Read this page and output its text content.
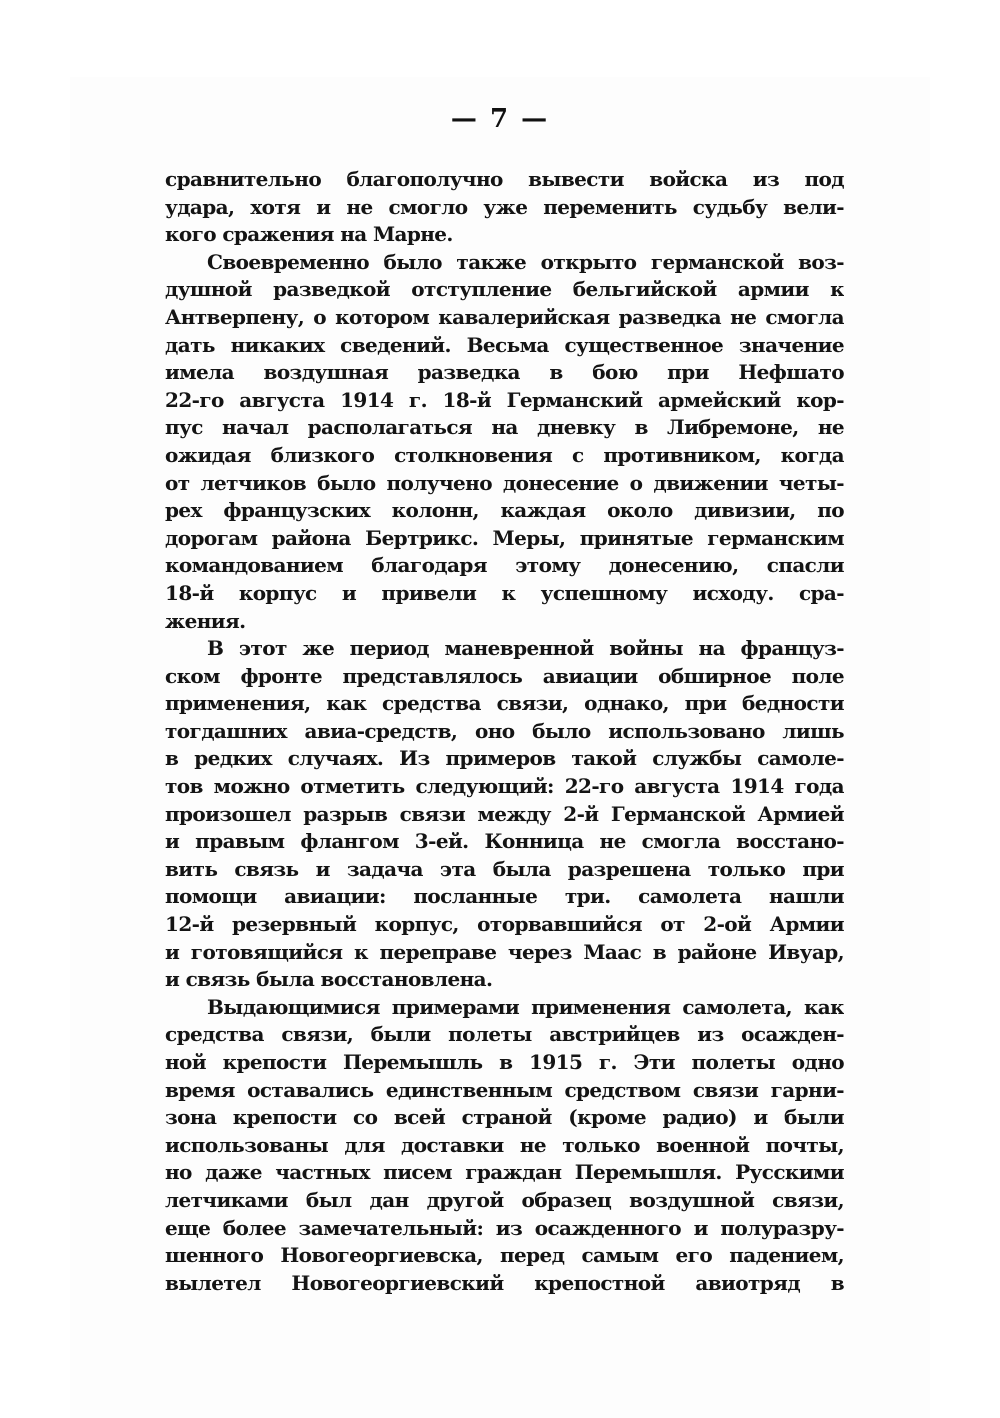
— 7 —
сравнительно благополучно вывести войска из под
удара, хотя и не смогло уже переменить судьбу вели-
кого сражения на Марне.
Своевременно было также открыто германской воз-
душной разведкой отступление бельгийской армии к
Антверпену, о котором кавалерийская разведка не смогла
дать никаких сведений. Весьма существенное значение
имела воздушная разведка в бою при Нефшато
22-го августа 1914 г. 18-й Германский армейский кор-
пус начал располагаться на дневку в Либремоне, не
ожидая близкого столкновения с противником, когда
от летчиков было получено донесение о движении четы-
рех французских колонн, каждая около дивизии, по
дорогам района Бертрикс. Меры, принятые германским
командованием благодаря этому донесению, спасли
18-й корпус и привели к успешному исходу. сра-
жения.
В этот же период маневренной войны на француз-
ском фронте представлялось авиации обширное поле
применения, как средства связи, однако, при бедности
тогдашних авиа-средств, оно было использовано лишь
в редких случаях. Из примеров такой службы самоле-
тов можно отметить следующий: 22-го августа 1914 года
произошел разрыв связи между 2-й Германской Армией
и правым флангом 3-ей. Конница не смогла восстано-
вить связь и задача эта была разрешена только при
помощи авиации: посланные три. самолета нашли
12-й резервный корпус, оторвавшийся от 2-ой Армии
и готовящийся к переправе через Маас в районе Ивуар,
и связь была восстановлена.
Выдающимися примерами применения самолета, как
средства связи, были полеты австрийцев из осажден-
ной крепости Перемышль в 1915 г. Эти полеты одно
время оставались единственным средством связи гарни-
зона крепости со всей страной (кроме радио) и были
использованы для доставки не только военной почты,
но даже частных писем граждан Перемышля. Русскими
летчиками был дан другой образец воздушной связи,
еще более замечательный: из осажденного и полуразру-
шенного Новогеоргиевска, перед самым его падением,
вылетел Новогеоргиевский крепостной авиотряд в
